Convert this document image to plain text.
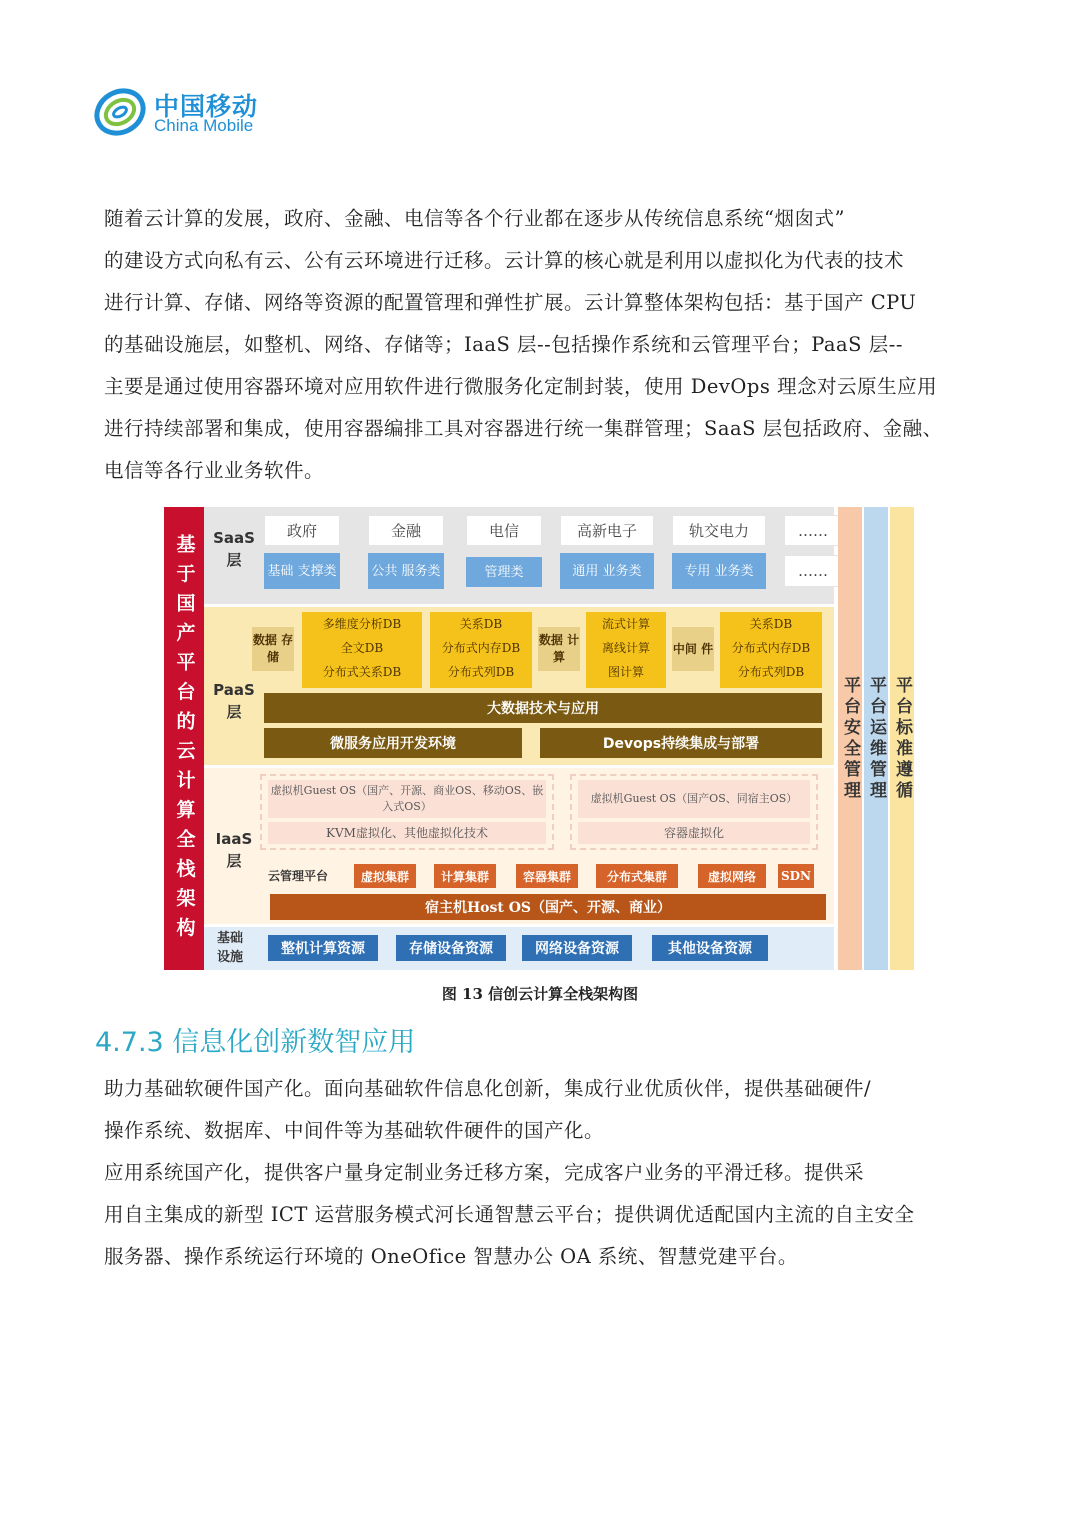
中国移动
China Mobile
随着云计算的发展，政府、金融、电信等各个行业都在逐步从传统信息系统“烟囱式”
的建设方式向私有云、公有云环境进行迁移。云计算的核心就是利用以虚拟化为代表的技术
进行计算、存储、网络等资源的配置管理和弹性扩展。云计算整体架构包括：基于国产 CPU
的基础设施层，如整机、网络、存储等；IaaS 层--包括操作系统和云管理平台；PaaS 层--
主要是通过使用容器环境对应用软件进行微服务化定制封装，使用 DevOps 理念对云原生应用
进行持续部署和集成，使用容器编排工具对容器进行统一集群管理；SaaS 层包括政府、金融、
电信等各行业业务软件。
基于国产平台的云计算全栈架构	SaaS 层
政府	金融	电信	高新电子	轨交电力	……
基础 支撑类	公共 服务类	管理类	通用 业务类	专用 业务类	……
PaaS 层
数据 存储
多维度分析DB
全文DB
分布式关系DB
关系DB
分布式内存DB
分布式列DB
数据 计算
流式计算
离线计算
图计算
中间 件
关系DB
分布式内存DB
分布式列DB
大数据技术与应用
微服务应用开发环境	Devops持续集成与部署
IaaS 层
虚拟机Guest OS（国产、开源、商业OS、移动OS、嵌入式OS）
KVM虚拟化、其他虚拟化技术
虚拟机Guest OS（国产OS、同宿主OS）
容器虚拟化
云管理平台	虚拟集群	计算集群	容器集群	分布式集群	虚拟网络	SDN
宿主机Host OS（国产、开源、商业）
基础 设施
整机计算资源	存储设备资源	网络设备资源	其他设备资源
平台安全管理 平台运维管理 平台标准遵循
图 13 信创云计算全栈架构图
4.7.3 信息化创新数智应用
助力基础软硬件国产化。面向基础软件信息化创新，集成行业优质伙伴，提供基础硬件/
操作系统、数据库、中间件等为基础软件硬件的国产化。
应用系统国产化，提供客户量身定制业务迁移方案，完成客户业务的平滑迁移。提供采
用自主集成的新型 ICT 运营服务模式河长通智慧云平台；提供调优适配国内主流的自主安全
服务器、操作系统运行环境的 OneOfice 智慧办公 OA 系统、智慧党建平台。
